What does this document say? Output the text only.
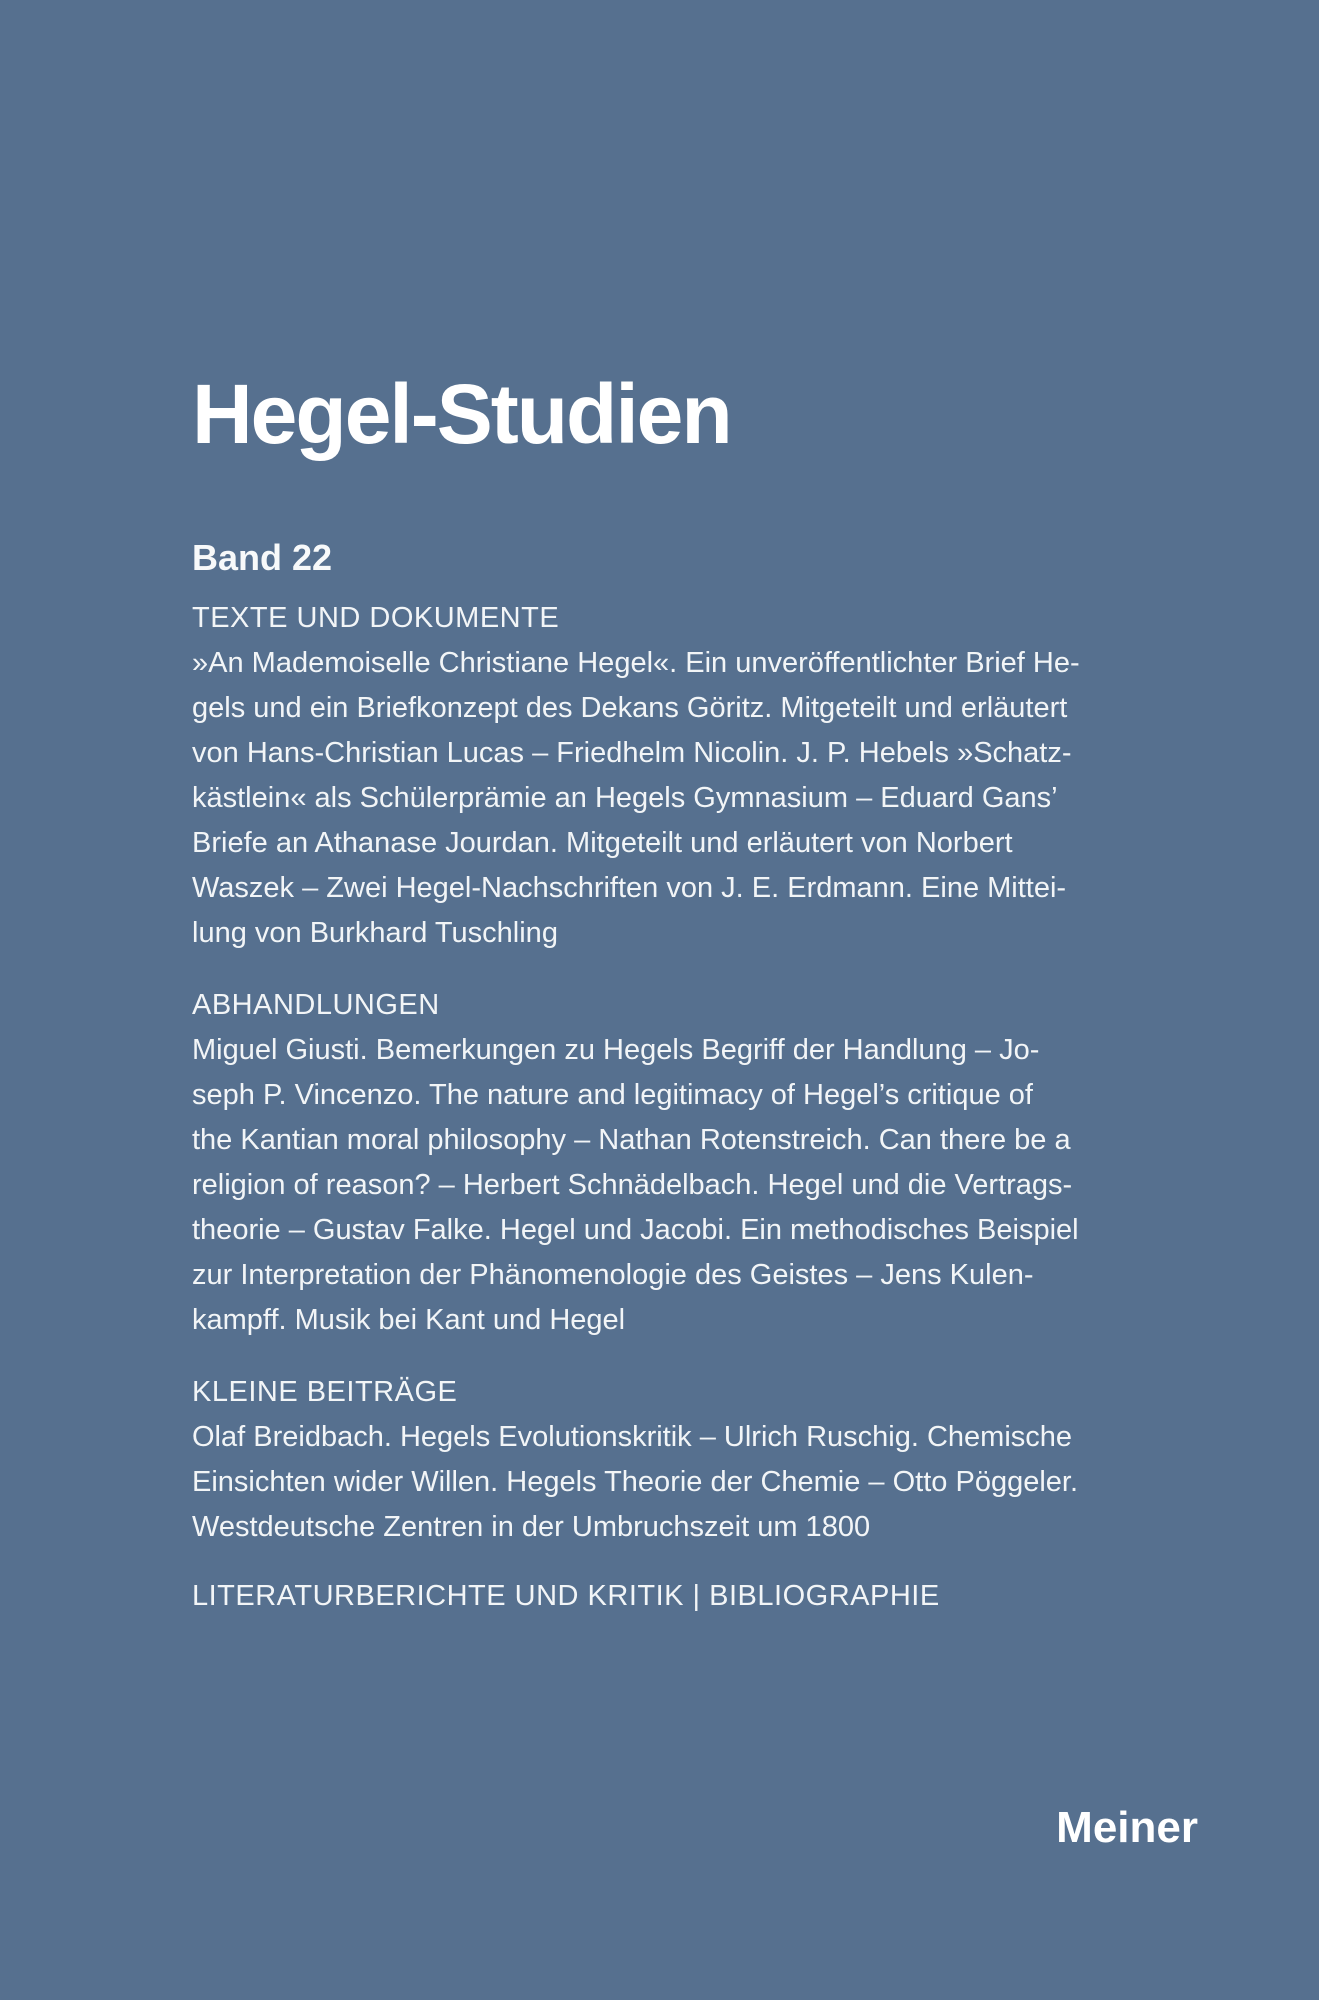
Hegel-Studien
Band 22
TEXTE UND DOKUMENTE
»An Mademoiselle Christiane Hegel«. Ein unveröffentlichter Brief He-
gels und ein Briefkonzept des Dekans Göritz. Mitgeteilt und erläutert
von Hans-Christian Lucas – Friedhelm Nicolin. J. P. Hebels »Schatz-
kästlein« als Schülerprämie an Hegels Gymnasium – Eduard Gans’
Briefe an Athanase Jourdan. Mitgeteilt und erläutert von Norbert
Waszek – Zwei Hegel-Nachschriften von J. E. Erdmann. Eine Mittei-
lung von Burkhard Tuschling
ABHANDLUNGEN
Miguel Giusti. Bemerkungen zu Hegels Begriff der Handlung – Jo-
seph P. Vincenzo. The nature and legitimacy of Hegel’s critique of
the Kantian moral philosophy – Nathan Rotenstreich. Can there be a
religion of reason? – Herbert Schnädelbach. Hegel und die Vertrags-
theorie – Gustav Falke. Hegel und Jacobi. Ein methodisches Beispiel
zur Interpretation der Phänomenologie des Geistes – Jens Kulen-
kampff. Musik bei Kant und Hegel
KLEINE BEITRÄGE
Olaf Breidbach. Hegels Evolutionskritik – Ulrich Ruschig. Chemische
Einsichten wider Willen. Hegels Theorie der Chemie – Otto Pöggeler.
Westdeutsche Zentren in der Umbruchszeit um 1800
LITERATURBERICHTE UND KRITIK | BIBLIOGRAPHIE
Meiner
